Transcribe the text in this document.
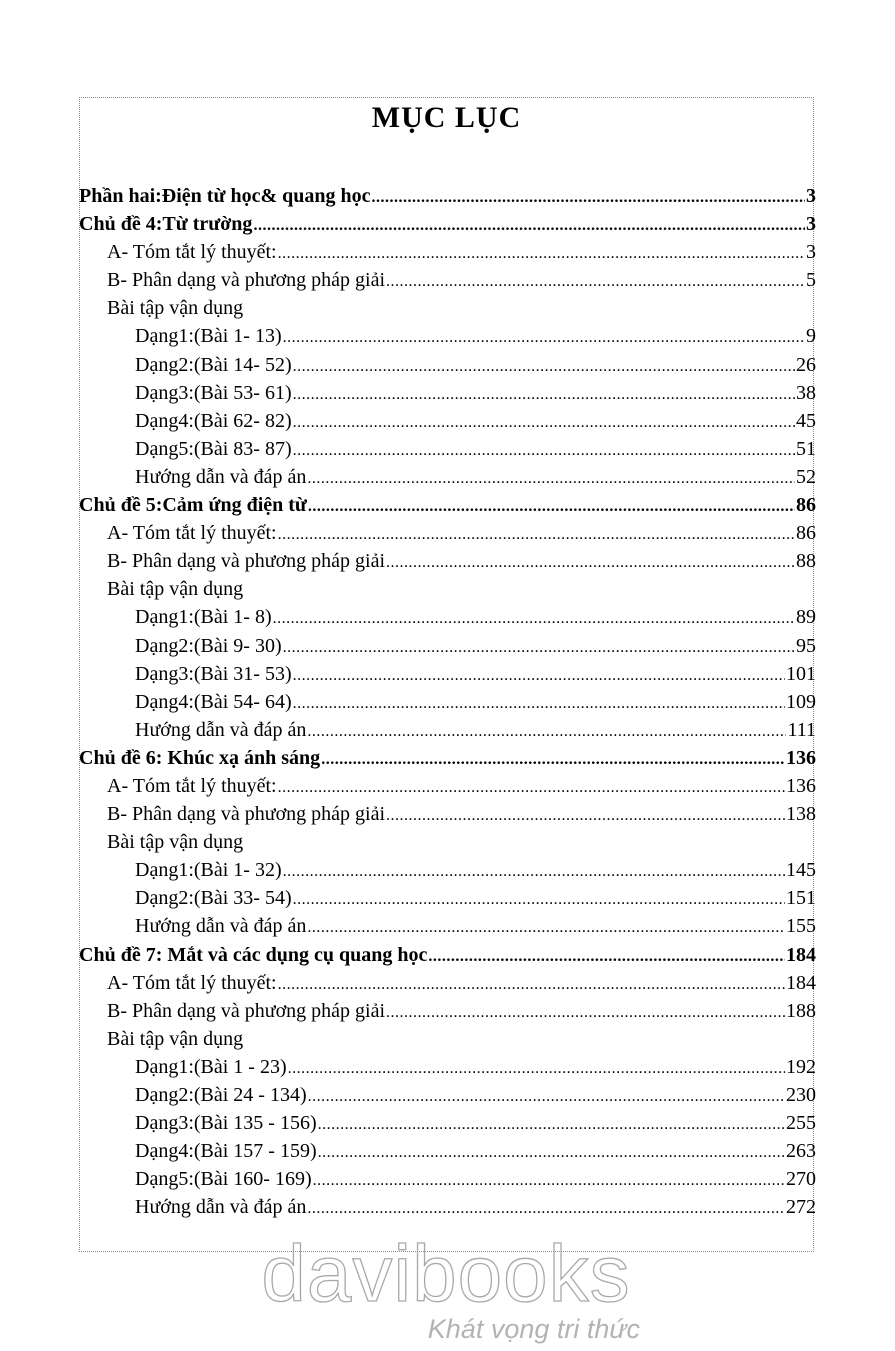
MỤC LỤC
Phần hai:Điện từ học& quang học .....	3
Chủ đề 4:Từ trường .....	3
A- Tóm tắt lý thuyết: .....	3
B- Phân dạng và phương pháp giải .....	5
Bài tập vận dụng
Dạng1:(Bài 1- 13) .....	9
Dạng2:(Bài 14- 52) .....	26
Dạng3:(Bài 53- 61) .....	38
Dạng4:(Bài 62- 82) .....	45
Dạng5:(Bài 83- 87) .....	51
Hướng dẫn và đáp án .....	52
Chủ đề 5:Cảm ứng điện từ .....	86
A- Tóm tắt lý thuyết: .....	86
B- Phân dạng và phương pháp giải .....	88
Bài tập vận dụng
Dạng1:(Bài 1- 8) .....	89
Dạng2:(Bài 9- 30) .....	95
Dạng3:(Bài 31- 53) .....	101
Dạng4:(Bài 54- 64) .....	109
Hướng dẫn và đáp án .....	111
Chủ đề 6: Khúc xạ ánh sáng .....	136
A- Tóm tắt lý thuyết: .....	136
B- Phân dạng và phương pháp giải .....	138
Bài tập vận dụng
Dạng1:(Bài 1- 32) .....	145
Dạng2:(Bài 33- 54) .....	151
Hướng dẫn và đáp án .....	155
Chủ đề 7: Mắt và các dụng cụ quang học .....	184
A- Tóm tắt lý thuyết: .....	184
B- Phân dạng và phương pháp giải .....	188
Bài tập vận dụng
Dạng1:(Bài 1 - 23) .....	192
Dạng2:(Bài 24 - 134) .....	230
Dạng3:(Bài 135 - 156) .....	255
Dạng4:(Bài 157 - 159) .....	263
Dạng5:(Bài 160- 169) .....	270
Hướng dẫn và đáp án .....	272
davibooks
Khát vọng tri thức
